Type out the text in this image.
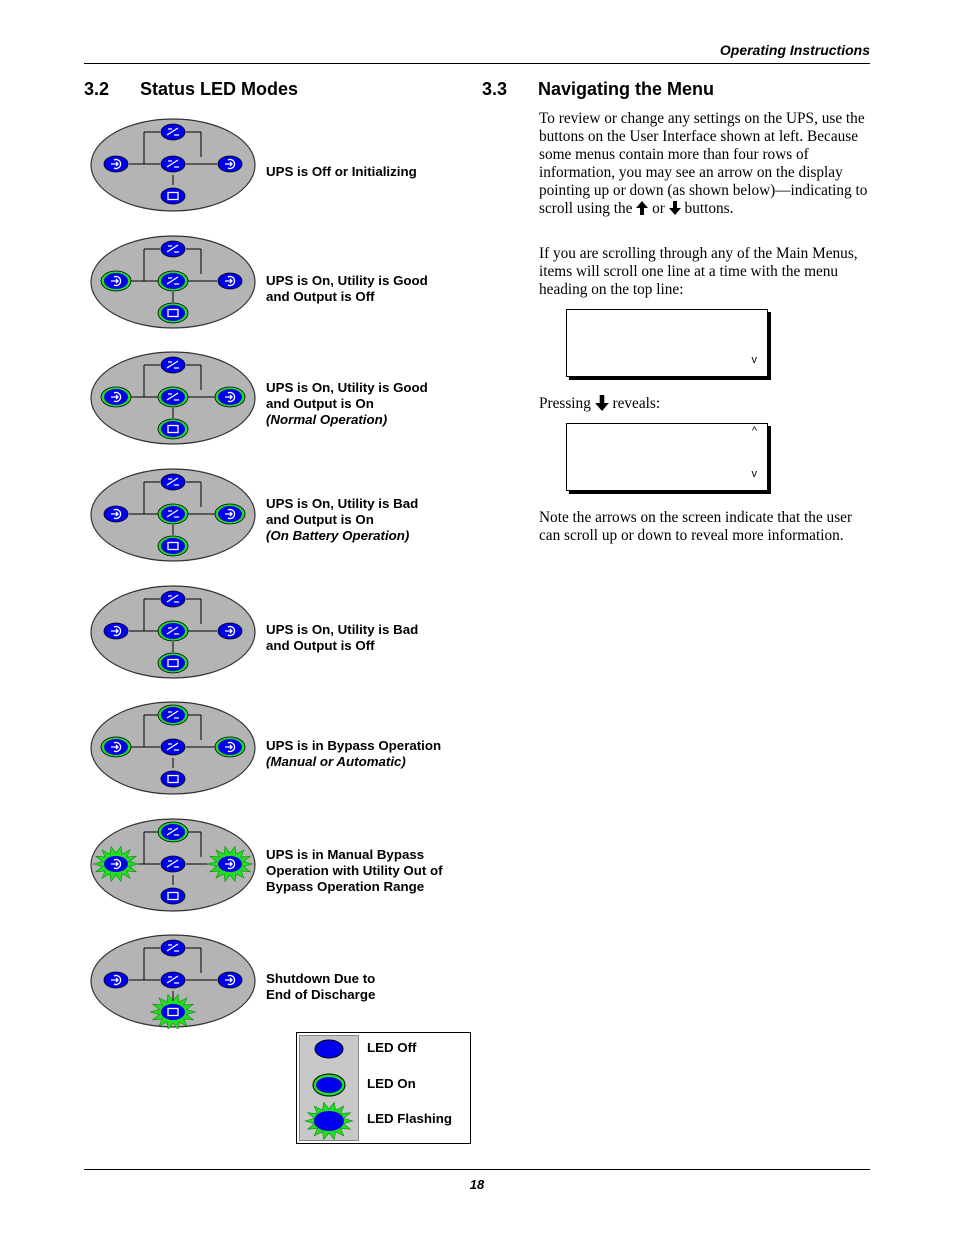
Operating Instructions
3.2 Status LED Modes	3.3 Navigating the Menu
UPS is Off or Initializing
UPS is On, Utility is Good
and Output is Off
UPS is On, Utility is Good
and Output is On
(Normal Operation)
UPS is On, Utility is Bad
and Output is On
(On Battery Operation)
UPS is On, Utility is Bad
and Output is Off
UPS is in Bypass Operation
(Manual or Automatic)
UPS is in Manual Bypass
Operation with Utility Out of
Bypass Operation Range
Shutdown Due to
End of Discharge
LED Off
LED On
LED Flashing

To review or change any settings on the UPS, use the buttons on the User Interface shown at left. Because some menus contain more than four rows of information, you may see an arrow on the display pointing up or down (as shown below)—indicating to scroll using the or buttons.

If you are scrolling through any of the Main Menus, items will scroll one line at a time with the menu heading on the top line:
v
Pressing reveals:
^
v
Note the arrows on the screen indicate that the user can scroll up or down to reveal more information.
18
